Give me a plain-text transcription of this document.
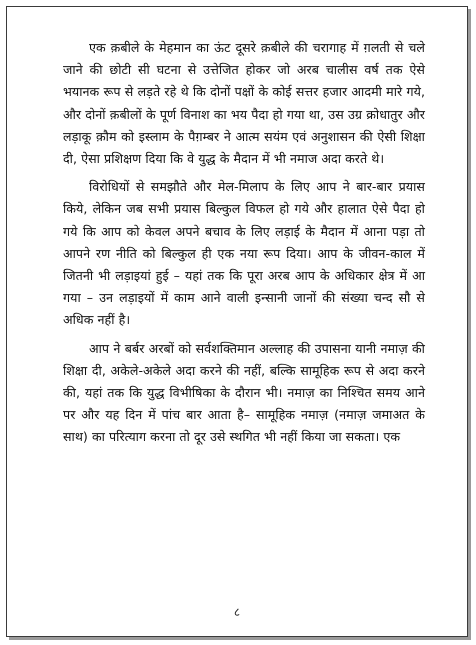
एक क़बीले के मेहमान का ऊंट दूसरे क़बीले की चरागाह में ग़लती से चले जाने की छोटी सी घटना से उत्तेजित होकर जो अरब चालीस वर्ष तक ऐसे भयानक रूप से लड़ते रहे थे कि दोनों पक्षों के कोई सत्तर हजार आदमी मारे गये, और दोनों क़बीलों के पूर्ण विनाश का भय पैदा हो गया था, उस उग्र क्रोधातुर और लड़ाकू क़ौम को इस्लाम के पैग़म्बर ने आत्म सयंम एवं अनुशासन की ऐसी शिक्षा दी, ऐसा प्रशिक्षण दिया कि वे युद्ध के मैदान में भी नमाज अदा करते थे।

विरोधियों से समझौते और मेल-मिलाप के लिए आप ने बार-बार प्रयास किये, लेकिन जब सभी प्रयास बिल्कुल विफल हो गये और हालात ऐसे पैदा हो गये कि आप को केवल अपने बचाव के लिए लड़ाई के मैदान में आना पड़ा तो आपने रण नीति को बिल्कुल ही एक नया रूप दिया। आप के जीवन-काल में जितनी भी लड़ाइयां हुई – यहां तक कि पूरा अरब आप के अधिकार क्षेत्र में आ गया – उन लड़ाइयों में काम आने वाली इन्सानी जानों की संख्या चन्द सौ से अधिक नहीं है।

आप ने बर्बर अरबों को सर्वशक्तिमान अल्लाह की उपासना यानी नमाज़ की शिक्षा दी, अकेले-अकेले अदा करने की नहीं, बल्कि सामूहिक रूप से अदा करने की, यहां तक कि युद्ध विभीषिका के दौरान भी। नमाज़ का निश्चित समय आने पर और यह दिन में पांच बार आता है– सामूहिक नमाज़ (नमाज़ जमाअत के साथ) का परित्याग करना तो दूर उसे स्थगित भी नहीं किया जा सकता। एक

८
